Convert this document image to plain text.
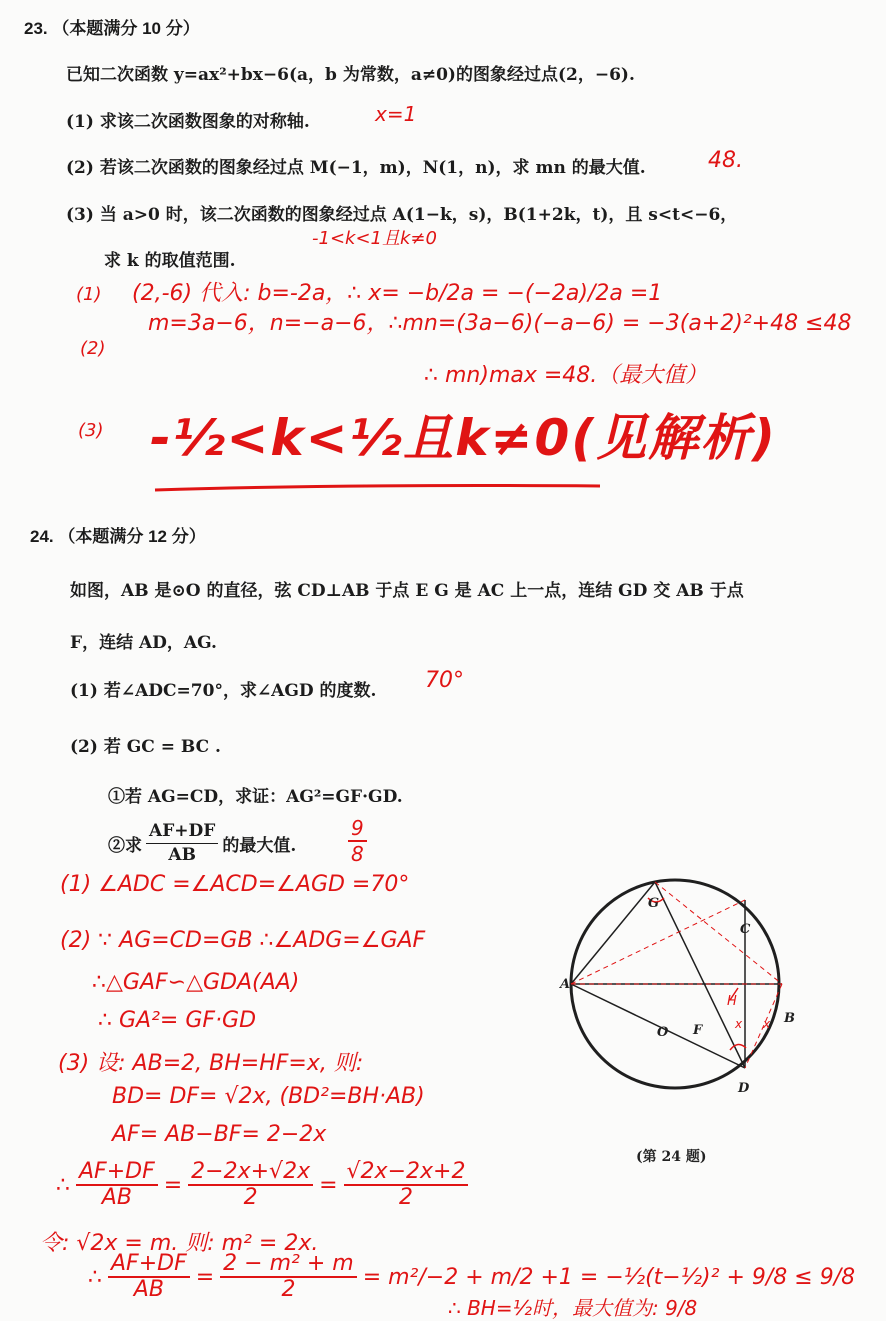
23. （本题满分 10 分）
已知二次函数 y=ax²+bx−6(a，b 为常数，a≠0)的图象经过点(2，−6).
(1) 求该二次函数图象的对称轴.	x=1
(2) 若该二次函数的图象经过点 M(−1，m)，N(1，n)，求 mn 的最大值.	48.
(3) 当 a>0 时，该二次函数的图象经过点 A(1−k，s)，B(1+2k，t)，且 s<t<−6，
求 k 的取值范围.
-1<k<1且k≠0
(1) (2,-6) 代入: b=-2a，∴ x= −b/2a = −(−2a)/2a =1
(2)
m=3a−6，n=−a−6，∴mn=(3a−6)(−a−6) = −3(a+2)²+48 ≤48
∴ mn)max =48.（最大值）
(3) -½<k<½且k≠0(见解析)
24. （本题满分 12 分）
如图，AB 是⊙O 的直径，弦 CD⊥AB 于点 E G 是 AC 上一点，连结 GD 交 AB 于点
F，连结 AD，AG.
(1) 若∠ADC=70°，求∠AGD 的度数. 70°
(2) 若 GC = BC .
①若 AG=CD，求证：AG²=GF·GD.
②求 $\frac{AF+DF}{AB}$ 的最大值.	$\frac{9}{8}$
(1) ∠ADC =∠ACD=∠AGD =70°
(2) ∵ AG=CD=GB ∴∠ADG=∠GAF
∴△GAF∽△GDA(AA)
∴ GA²= GF·GD
(3) 设: AB=2, BH=HF=x, 则:
BD= DF= √2x, (BD²=BH·AB)
AF= AB−BF= 2−2x
∴ $\frac{AF+DF}{AB} = \frac{2-2x+√2x}{2} = \frac{√2x-2x+2}{2}$
令: √2x = m. 则: m² = 2x.
∴ $\frac{AF+DF}{AB} = \frac{\text{2 − m² + m}}{2} = m^2/-2 + m/2 +1$ = −½(t−½)² + 9/8 ≤ 9/8
∴ BH=½时，最大值为: 9/8
G
C
A
O F
B
D
H
x x
(第 24 题)
